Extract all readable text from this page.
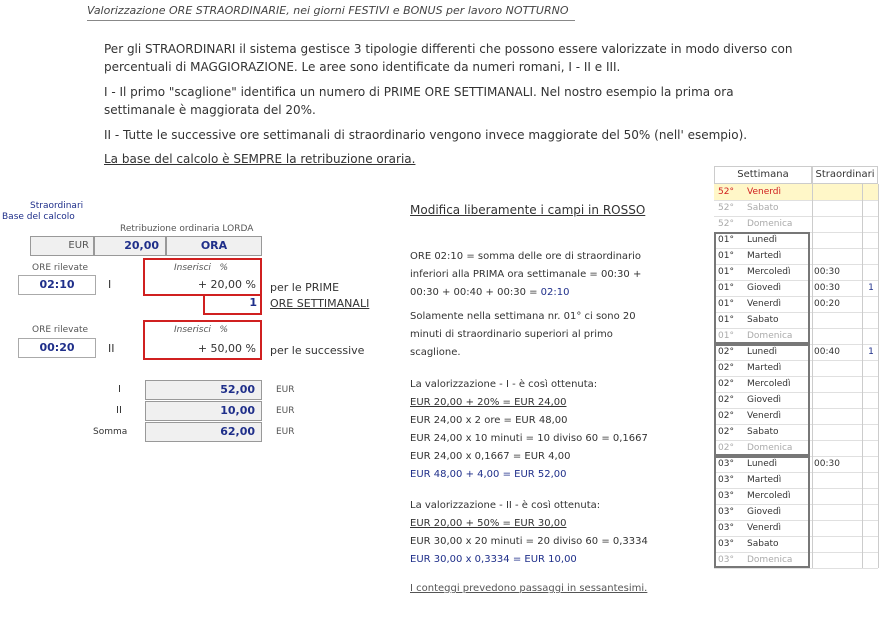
Valorizzazione ORE STRAORDINARIE, nei giorni FESTIVI e BONUS per lavoro NOTTURNO
Per gli STRAORDINARI il sistema gestisce 3 tipologie differenti che possono essere valorizzate in modo diverso con percentuali di MAGGIORAZIONE. Le aree sono identificate da numeri romani, I - II e III.
I - Il primo "scaglione" identifica un numero di PRIME ORE SETTIMANALI. Nel nostro esempio la prima ora settimanale è maggiorata del 20%.
II - Tutte le successive ore settimanali di straordinario vengono invece maggiorate del 50% (nell' esempio).
La base del calcolo è SEMPRE la retribuzione oraria.
Straordinari
Base del calcolo
Retribuzione ordinaria LORDA
EUR	20,00	ORA
ORE rilevate	Inserisci %
02:10	I	+ 20,00 %
1
per le PRIME
ORE SETTIMANALI
ORE rilevate	Inserisci %
00:20	II	+ 50,00 % per le successive
I	52,00	EUR
II	10,00	EUR
Somma	62,00	EUR
Modifica liberamente i campi in ROSSO
ORE 02:10 = somma delle ore di straordinario
inferiori alla PRIMA ora settimanale = 00:30 +
00:30 + 00:40 + 00:30 = 02:10
Solamente nella settimana nr. 01° ci sono 20
minuti di straordinario superiori al primo
scaglione.
La valorizzazione - I - è così ottenuta:
EUR 20,00 + 20% = EUR 24,00
EUR 24,00 x 2 ore = EUR 48,00
EUR 24,00 x 10 minuti = 10 diviso 60 = 0,1667
EUR 24,00 x 0,1667 = EUR 4,00
EUR 48,00 + 4,00 = EUR 52,00
La valorizzazione - II - è così ottenuta:
EUR 20,00 + 50% = EUR 30,00
EUR 30,00 x 20 minuti = 20 diviso 60 = 0,3334
EUR 30,00 x 0,3334 = EUR 10,00
I conteggi prevedono passaggi in sessantesimi.
Settimana	Straordinari
52°	Venerdì
52°	Sabato
52°	Domenica
01°	Lunedì
01°	Martedì
01°	Mercoledì	00:30
01°	Giovedì	00:30	1
01°	Venerdì	00:20
01°	Sabato
01°	Domenica
02°	Lunedì	00:40	1
02°	Martedì
02°	Mercoledì
02°	Giovedì
02°	Venerdì
02°	Sabato
02°	Domenica
03°	Lunedì	00:30
03°	Martedì
03°	Mercoledì
03°	Giovedì
03°	Venerdì
03°	Sabato
03°	Domenica
